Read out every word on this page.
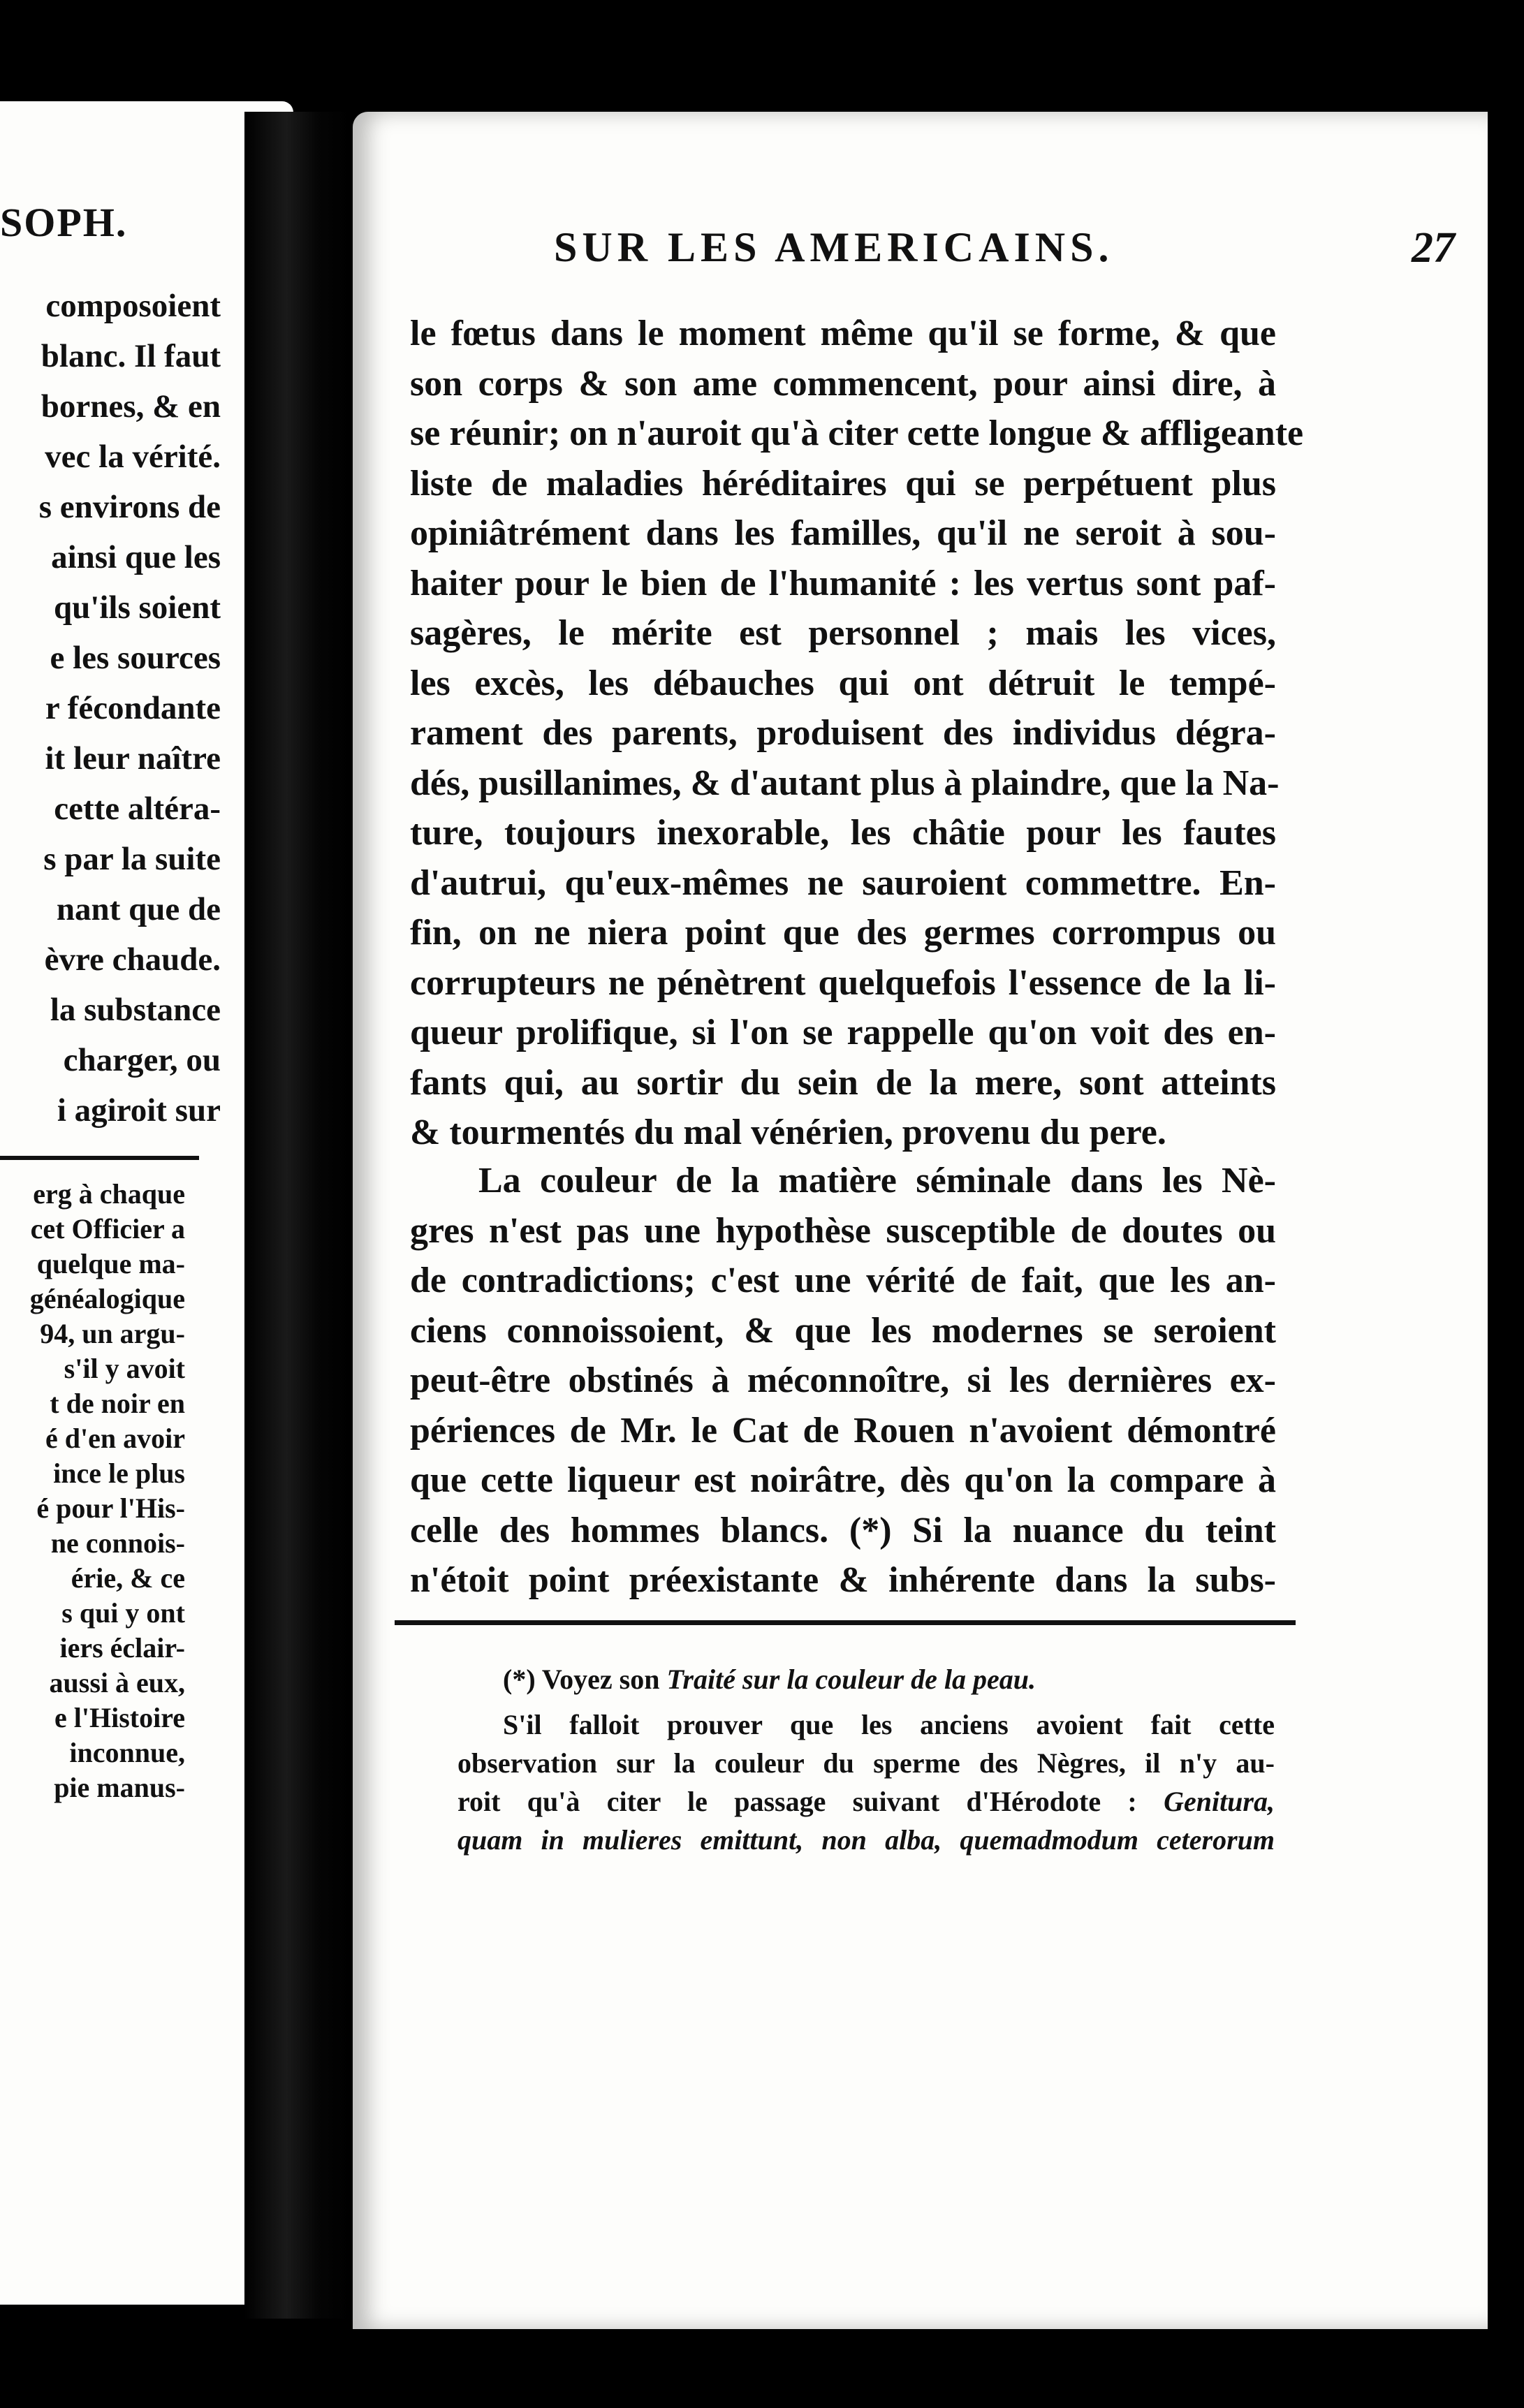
SOPH.
composoient
blanc. Il faut
bornes, & en
vec la vérité.
s environs de
ainsi que les
qu'ils soient
e les sources
r fécondante
it leur naître
cette altéra-
s par la suite
nant que de
èvre chaude.
la substance
charger, ou
i agiroit sur
erg à chaque
cet Officier a
quelque ma-
généalogique
94, un argu-
s'il y avoit
t de noir en
é d'en avoir
ince le plus
é pour l'His-
ne connois-
érie, & ce
s qui y ont
iers éclair-
aussi à eux,
e l'Histoire
inconnue,
pie manus-
SUR LES AMERICAINS.	27
le fœtus dans le moment même qu'il se forme, & que
son corps & son ame commencent, pour ainsi dire, à
se réunir; on n'auroit qu'à citer cette longue & affligeante
liste de maladies héréditaires qui se perpétuent plus
opiniâtrément dans les familles, qu'il ne seroit à sou-
haiter pour le bien de l'humanité : les vertus sont paf-
sagères, le mérite est personnel ; mais les vices,
les excès, les débauches qui ont détruit le tempé-
rament des parents, produisent des individus dégra-
dés, pusillanimes, & d'autant plus à plaindre, que la Na-
ture, toujours inexorable, les châtie pour les fautes
d'autrui, qu'eux-mêmes ne sauroient commettre. En-
fin, on ne niera point que des germes corrompus ou
corrupteurs ne pénètrent quelquefois l'essence de la li-
queur prolifique, si l'on se rappelle qu'on voit des en-
fants qui, au sortir du sein de la mere, sont atteints
& tourmentés du mal vénérien, provenu du pere.
La couleur de la matière séminale dans les Nè-
gres n'est pas une hypothèse susceptible de doutes ou
de contradictions; c'est une vérité de fait, que les an-
ciens connoissoient, & que les modernes se seroient
peut-être obstinés à méconnoître, si les dernières ex-
périences de Mr. le Cat de Rouen n'avoient démontré
que cette liqueur est noirâtre, dès qu'on la compare à
celle des hommes blancs. (*) Si la nuance du teint
n'étoit point préexistante & inhérente dans la subs-
(*) Voyez son Traité sur la couleur de la peau.
S'il falloit prouver que les anciens avoient fait cette
observation sur la couleur du sperme des Nègres, il n'y au-
roit qu'à citer le passage suivant d'Hérodote : Genitura,
quam in mulieres emittunt, non alba, quemadmodum ceterorum
